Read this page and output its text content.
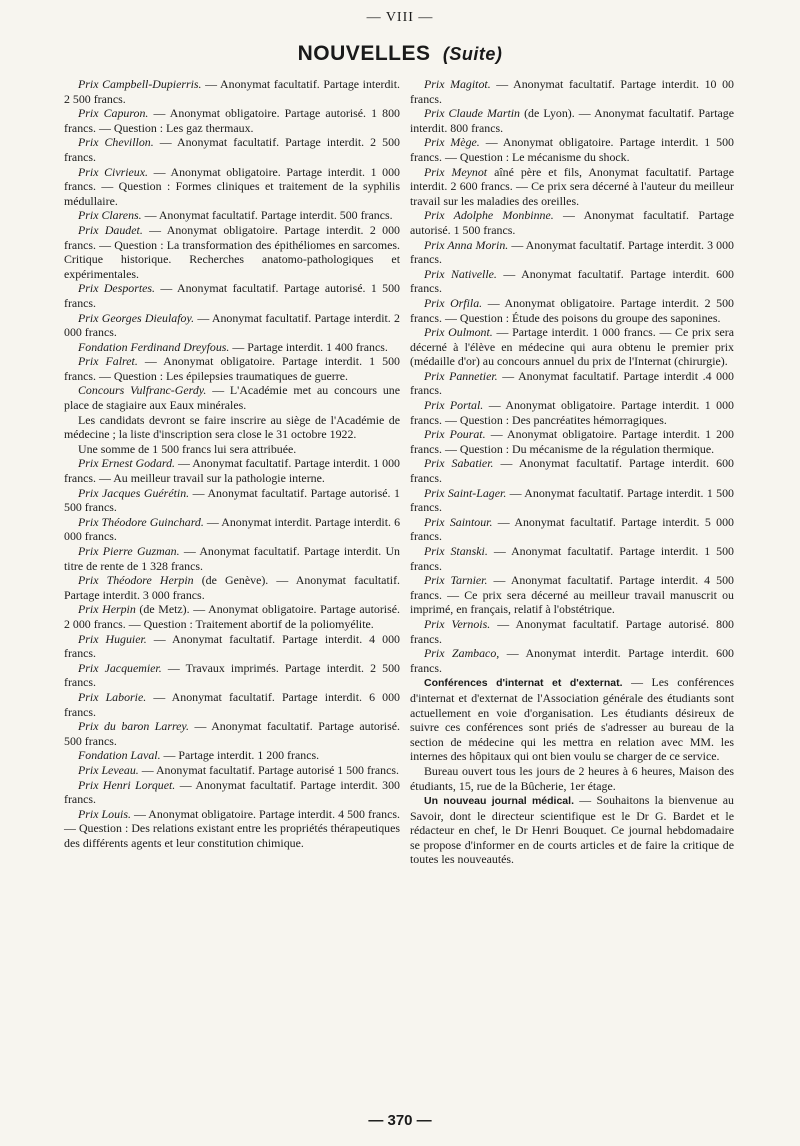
— VIII —
NOUVELLES (Suite)

Prix Campbell-Dupierris. — Anonymat facultatif. Partage interdit. 2 500 francs.

Prix Capuron. — Anonymat obligatoire. Partage autorisé. 1 800 francs. — Question : Les gaz thermaux.

Prix Chevillon. — Anonymat facultatif. Partage interdit. 2 500 francs.

Prix Civrieux. — Anonymat obligatoire. Partage interdit. 1 000 francs. — Question : Formes cliniques et traitement de la syphilis médullaire.

Prix Clarens. — Anonymat facultatif. Partage interdit. 500 francs.

Prix Daudet. — Anonymat obligatoire. Partage interdit. 2 000 francs. — Question : La transformation des épithéliomes en sarcomes. Critique historique. Recherches anatomo-pathologiques et expérimentales.

Prix Desportes. — Anonymat facultatif. Partage autorisé. 1 500 francs.

Prix Georges Dieulafoy. — Anonymat facultatif. Partage interdit. 2 000 francs.

Fondation Ferdinand Dreyfous. — Partage interdit. 1 400 francs.

Prix Falret. — Anonymat obligatoire. Partage interdit. 1 500 francs. — Question : Les épilepsies traumatiques de guerre.

Concours Vulfranc-Gerdy. — L'Académie met au concours une place de stagiaire aux Eaux minérales.

Les candidats devront se faire inscrire au siège de l'Académie de médecine ; la liste d'inscription sera close le 31 octobre 1922.

Une somme de 1 500 francs lui sera attribuée.

Prix Ernest Godard. — Anonymat facultatif. Partage interdit. 1 000 francs. — Au meilleur travail sur la pathologie interne.

Prix Jacques Guérétin. — Anonymat facultatif. Partage autorisé. 1 500 francs.

Prix Théodore Guinchard. — Anonymat interdit. Partage interdit. 6 000 francs.

Prix Pierre Guzman. — Anonymat facultatif. Partage interdit. Un titre de rente de 1 328 francs.

Prix Théodore Herpin (de Genève). — Anonymat facultatif. Partage interdit. 3 000 francs.

Prix Herpin (de Metz). — Anonymat obligatoire. Partage autorisé. 2 000 francs. — Question : Traitement abortif de la poliomyélite.

Prix Huguier. — Anonymat facultatif. Partage interdit. 4 000 francs.

Prix Jacquemier. — Travaux imprimés. Partage interdit. 2 500 francs.

Prix Laborie. — Anonymat facultatif. Partage interdit. 6 000 francs.

Prix du baron Larrey. — Anonymat facultatif. Partage autorisé. 500 francs.

Fondation Laval. — Partage interdit. 1 200 francs.

Prix Leveau. — Anonymat facultatif. Partage autorisé 1 500 francs.

Prix Henri Lorquet. — Anonymat facultatif. Partage interdit. 300 francs.

Prix Louis. — Anonymat obligatoire. Partage interdit. 4 500 francs. — Question : Des relations existant entre les propriétés thérapeutiques des différents agents et leur constitution chimique.

Prix Magitot. — Anonymat facultatif. Partage interdit. 10 00 francs.

Prix Claude Martin (de Lyon). — Anonymat facultatif. Partage interdit. 800 francs.

Prix Mège. — Anonymat obligatoire. Partage interdit. 1 500 francs. — Question : Le mécanisme du shock.

Prix Meynot aîné père et fils, Anonymat facultatif. Partage interdit. 2 600 francs. — Ce prix sera décerné à l'auteur du meilleur travail sur les maladies des oreilles.

Prix Adolphe Monbinne. — Anonymat facultatif. Partage autorisé. 1 500 francs.

Prix Anna Morin. — Anonymat facultatif. Partage interdit. 3 000 francs.

Prix Nativelle. — Anonymat facultatif. Partage interdit. 600 francs.

Prix Orfila. — Anonymat obligatoire. Partage interdit. 2 500 francs. — Question : Étude des poisons du groupe des saponines.

Prix Oulmont. — Partage interdit. 1 000 francs. — Ce prix sera décerné à l'élève en médecine qui aura obtenu le premier prix (médaille d'or) au concours annuel du prix de l'Internat (chirurgie).

Prix Pannetier. — Anonymat facultatif. Partage interdit .4 000 francs.

Prix Portal. — Anonymat obligatoire. Partage interdit. 1 000 francs. — Question : Des pancréatites hémorragiques.

Prix Pourat. — Anonymat obligatoire. Partage interdit. 1 200 francs. — Question : Du mécanisme de la régulation thermique.

Prix Sabatier. — Anonymat facultatif. Partage interdit. 600 francs.

Prix Saint-Lager. — Anonymat facultatif. Partage interdit. 1 500 francs.

Prix Saintour. — Anonymat facultatif. Partage interdit. 5 000 francs.

Prix Stanski. — Anonymat facultatif. Partage interdit. 1 500 francs.

Prix Tarnier. — Anonymat facultatif. Partage interdit. 4 500 francs. — Ce prix sera décerné au meilleur travail manuscrit ou imprimé, en français, relatif à l'obstétrique.

Prix Vernois. — Anonymat facultatif. Partage autorisé. 800 francs.

Prix Zambaco, — Anonymat interdit. Partage interdit. 600 francs.

Conférences d'internat et d'externat. — Les conférences d'internat et d'externat de l'Association générale des étudiants sont actuellement en voie d'organisation. Les étudiants désireux de suivre ces conférences sont priés de s'adresser au bureau de la section de médecine qui les mettra en relation avec MM. les internes des hôpitaux qui ont bien voulu se charger de ce service.

Bureau ouvert tous les jours de 2 heures à 6 heures, Maison des étudiants, 15, rue de la Bûcherie, 1er étage.

Un nouveau journal médical. — Souhaitons la bienvenue au Savoir, dont le directeur scientifique est le Dr G. Bardet et le rédacteur en chef, le Dr Henri Bouquet. Ce journal hebdomadaire se propose d'informer en de courts articles et de faire la critique de toutes les nouveautés.

— 370 —
